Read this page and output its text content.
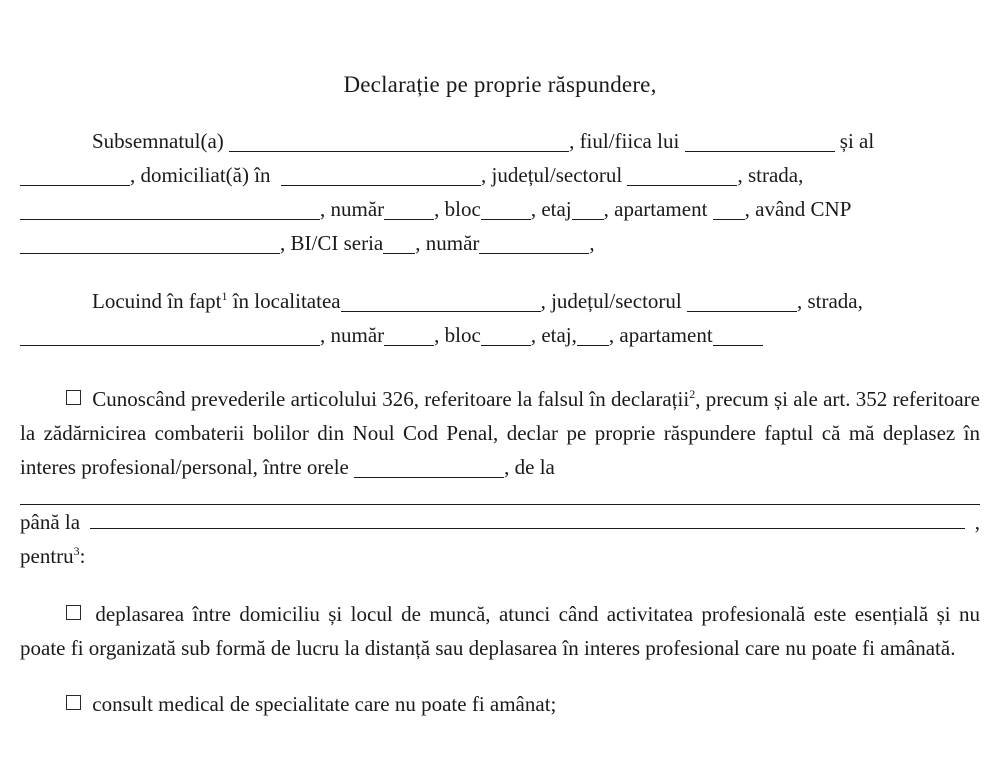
Declarație pe proprie răspundere,

Subsemnatul(a)	, fiul/fiica lui	și al

, domiciliat(ă) în	, județul/sectorul	, strada,

, număr , bloc , etaj , apartament , având CNP

, BI/CI seria , număr	,

Locuind în fapt$^1$ în localitatea	, județul/sectorul	, strada,

, număr , bloc , etaj, , apartament

Cunoscând prevederile articolului 326, referitoare la falsul în declarații$^2$, precum și ale art. 352 referitoare la zădărnicirea combaterii bolilor din Noul Cod Penal, declar pe proprie răspundere faptul că mă deplasez în interes profesional/personal, între orele	, de la

până la	,

pentru$^3$:

deplasarea între domiciliu și locul de muncă, atunci când activitatea profesională este esențială și nu poate fi organizată sub formă de lucru la distanță sau deplasarea în interes profesional care nu poate fi amânată.

consult medical de specialitate care nu poate fi amânat;
